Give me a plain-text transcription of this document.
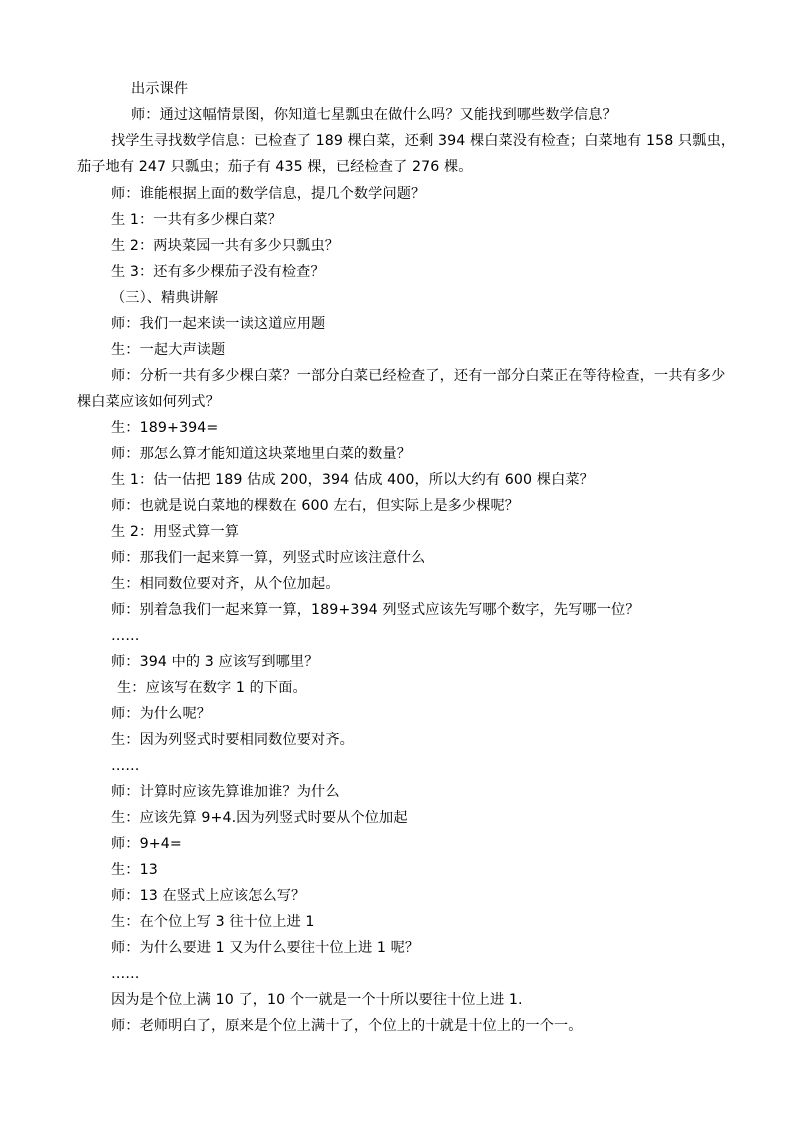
出示课件
师：通过这幅情景图，你知道七星瓢虫在做什么吗？又能找到哪些数学信息？
找学生寻找数学信息：已检查了 189 棵白菜，还剩 394 棵白菜没有检查；白菜地有 158 只瓢虫，
茄子地有 247 只瓢虫；茄子有 435 棵，已经检查了 276 棵。
师：谁能根据上面的数学信息，提几个数学问题？
生 1：一共有多少棵白菜？
生 2：两块菜园一共有多少只瓢虫？
生 3：还有多少棵茄子没有检查？
（三）、精典讲解
师：我们一起来读一读这道应用题
生：一起大声读题
师：分析一共有多少棵白菜？一部分白菜已经检查了，还有一部分白菜正在等待检查，一共有多少
棵白菜应该如何列式？
生：189+394=
师：那怎么算才能知道这块菜地里白菜的数量？
生 1：估一估把 189 估成 200，394 估成 400，所以大约有 600 棵白菜？
师：也就是说白菜地的棵数在 600 左右，但实际上是多少棵呢？
生 2：用竖式算一算
师：那我们一起来算一算，列竖式时应该注意什么
生：相同数位要对齐，从个位加起。
师：别着急我们一起来算一算，189+394 列竖式应该先写哪个数字，先写哪一位？
……
师：394 中的 3 应该写到哪里？
生：应该写在数字 1 的下面。
师：为什么呢？
生：因为列竖式时要相同数位要对齐。
……
师：计算时应该先算谁加谁？为什么
生：应该先算 9+4.因为列竖式时要从个位加起
师：9+4=
生：13
师：13 在竖式上应该怎么写？
生：在个位上写 3 往十位上进 1
师：为什么要进 1 又为什么要往十位上进 1 呢？
……
因为是个位上满 10 了，10 个一就是一个十所以要往十位上进 1.
师：老师明白了，原来是个位上满十了，个位上的十就是十位上的一个一。
